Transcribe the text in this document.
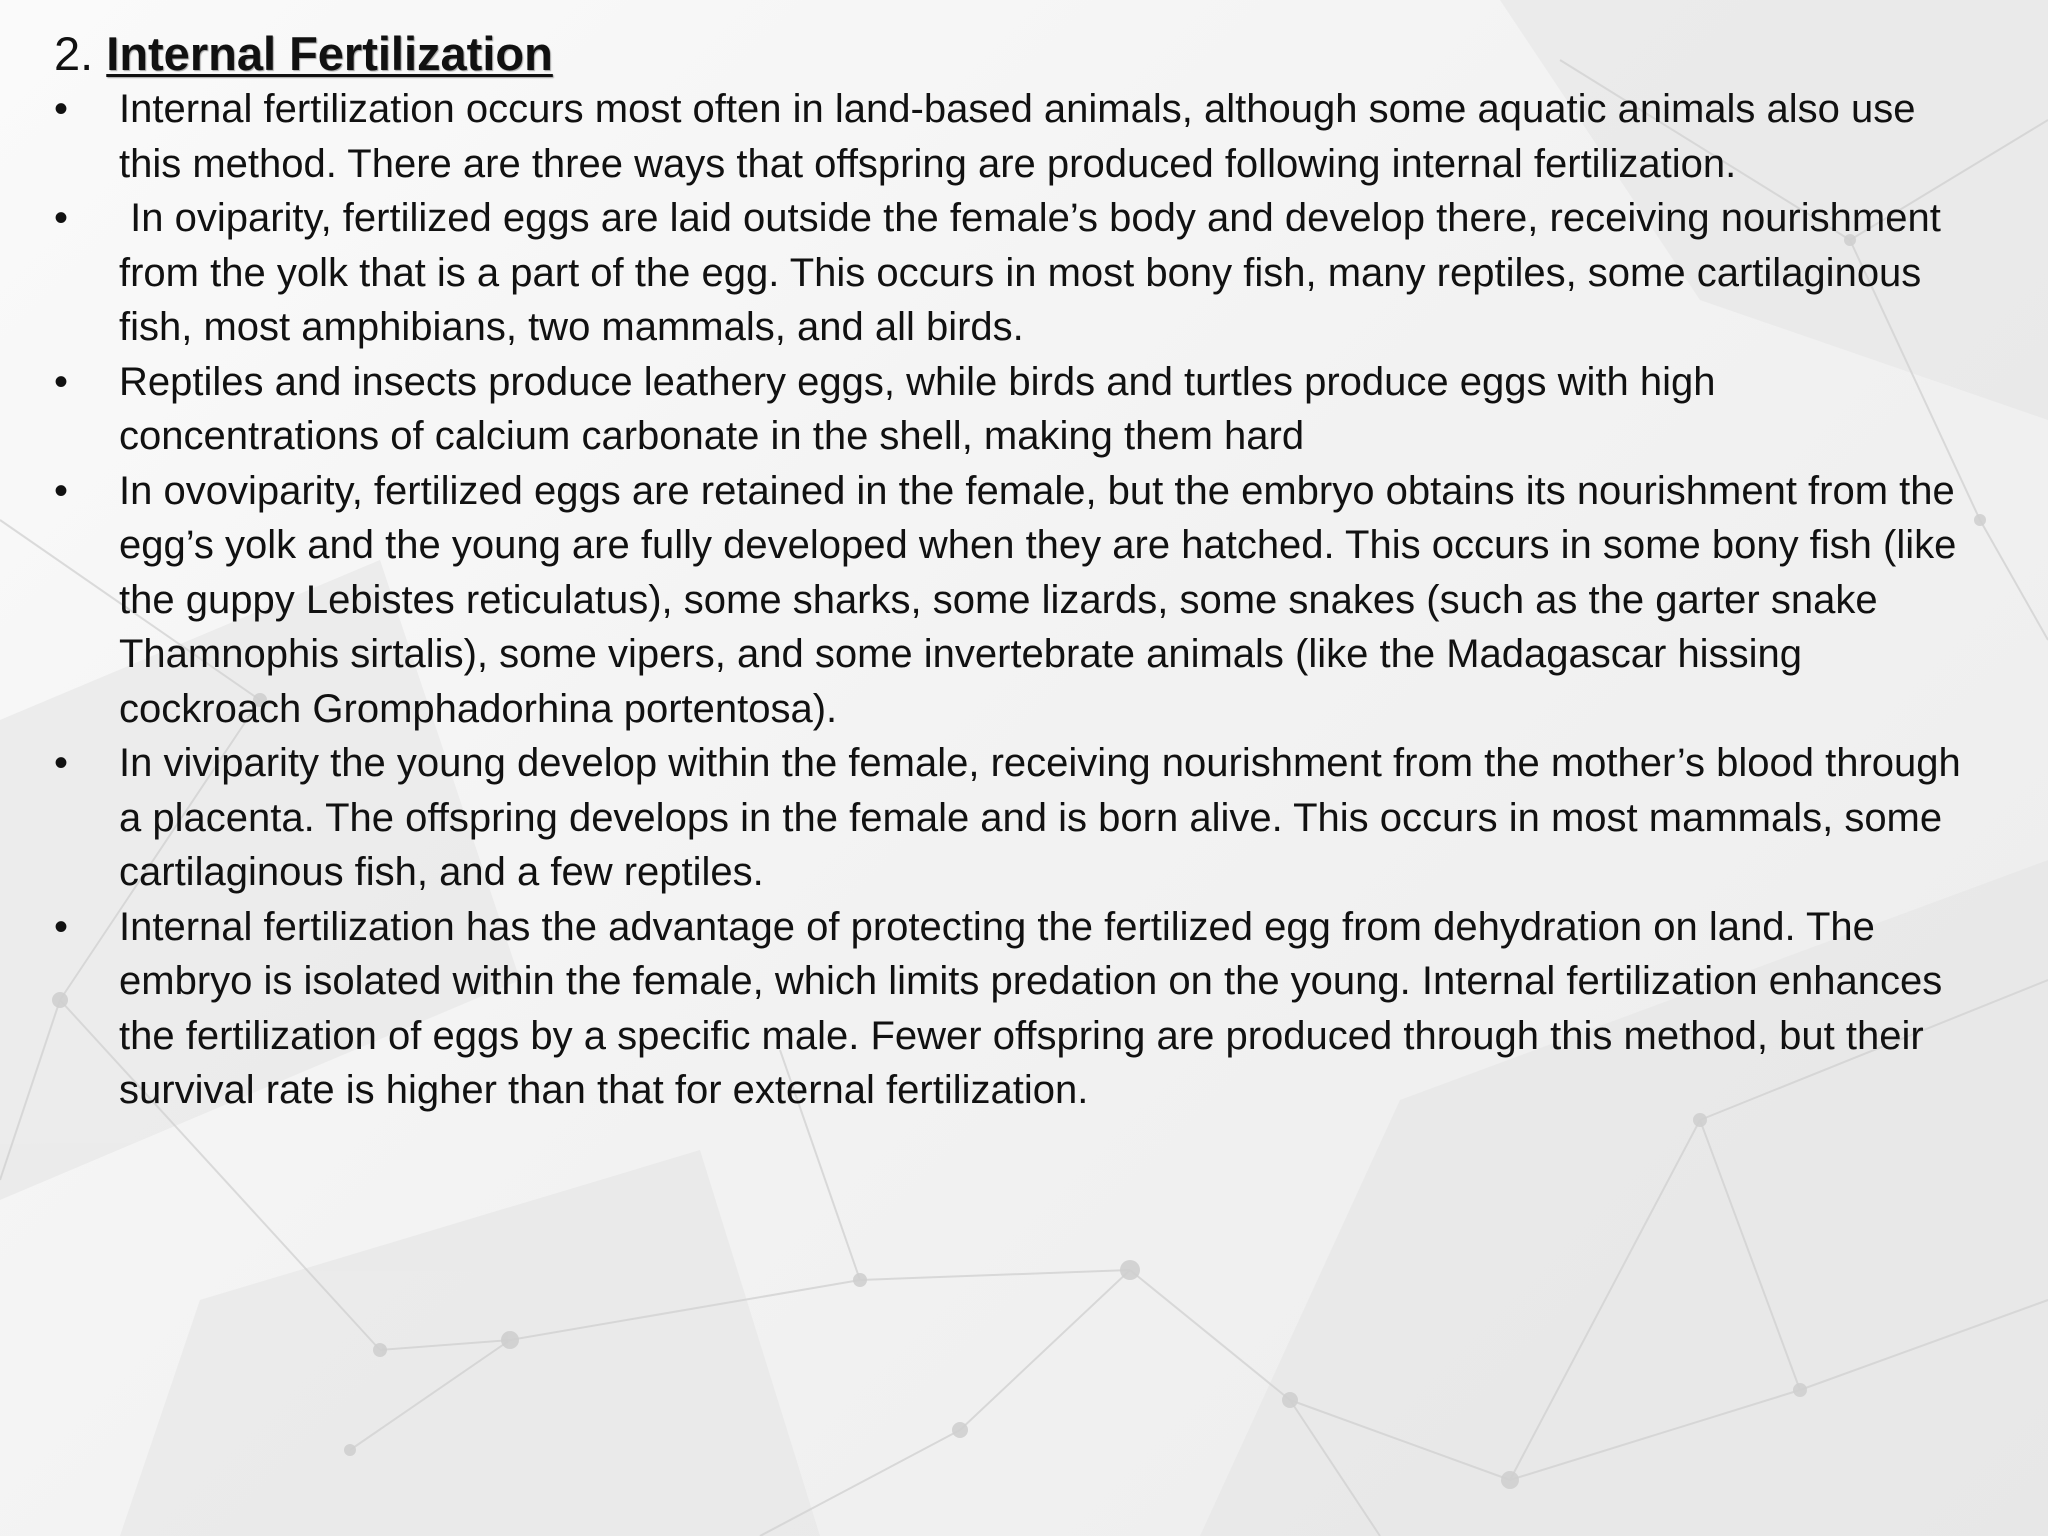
2. Internal Fertilization
•	Internal fertilization occurs most often in land-based animals, although some aquatic animals also use this method. There are three ways that offspring are produced following internal fertilization.
•	In oviparity, fertilized eggs are laid outside the female’s body and develop there, receiving nourishment from the yolk that is a part of the egg. This occurs in most bony fish, many reptiles, some cartilaginous fish, most amphibians, two mammals, and all birds.
•	Reptiles and insects produce leathery eggs, while birds and turtles produce eggs with high concentrations of calcium carbonate in the shell, making them hard
•	In ovoviparity, fertilized eggs are retained in the female, but the embryo obtains its nourishment from the egg’s yolk and the young are fully developed when they are hatched. This occurs in some bony fish (like the guppy Lebistes reticulatus), some sharks, some lizards, some snakes (such as the garter snake Thamnophis sirtalis), some vipers, and some invertebrate animals (like the Madagascar hissing cockroach Gromphadorhina portentosa).
•	In viviparity the young develop within the female, receiving nourishment from the mother’s blood through a placenta. The offspring develops in the female and is born alive. This occurs in most mammals, some cartilaginous fish, and a few reptiles.
•	Internal fertilization has the advantage of protecting the fertilized egg from dehydration on land. The embryo is isolated within the female, which limits predation on the young. Internal fertilization enhances the fertilization of eggs by a specific male. Fewer offspring are produced through this method, but their survival rate is higher than that for external fertilization.
